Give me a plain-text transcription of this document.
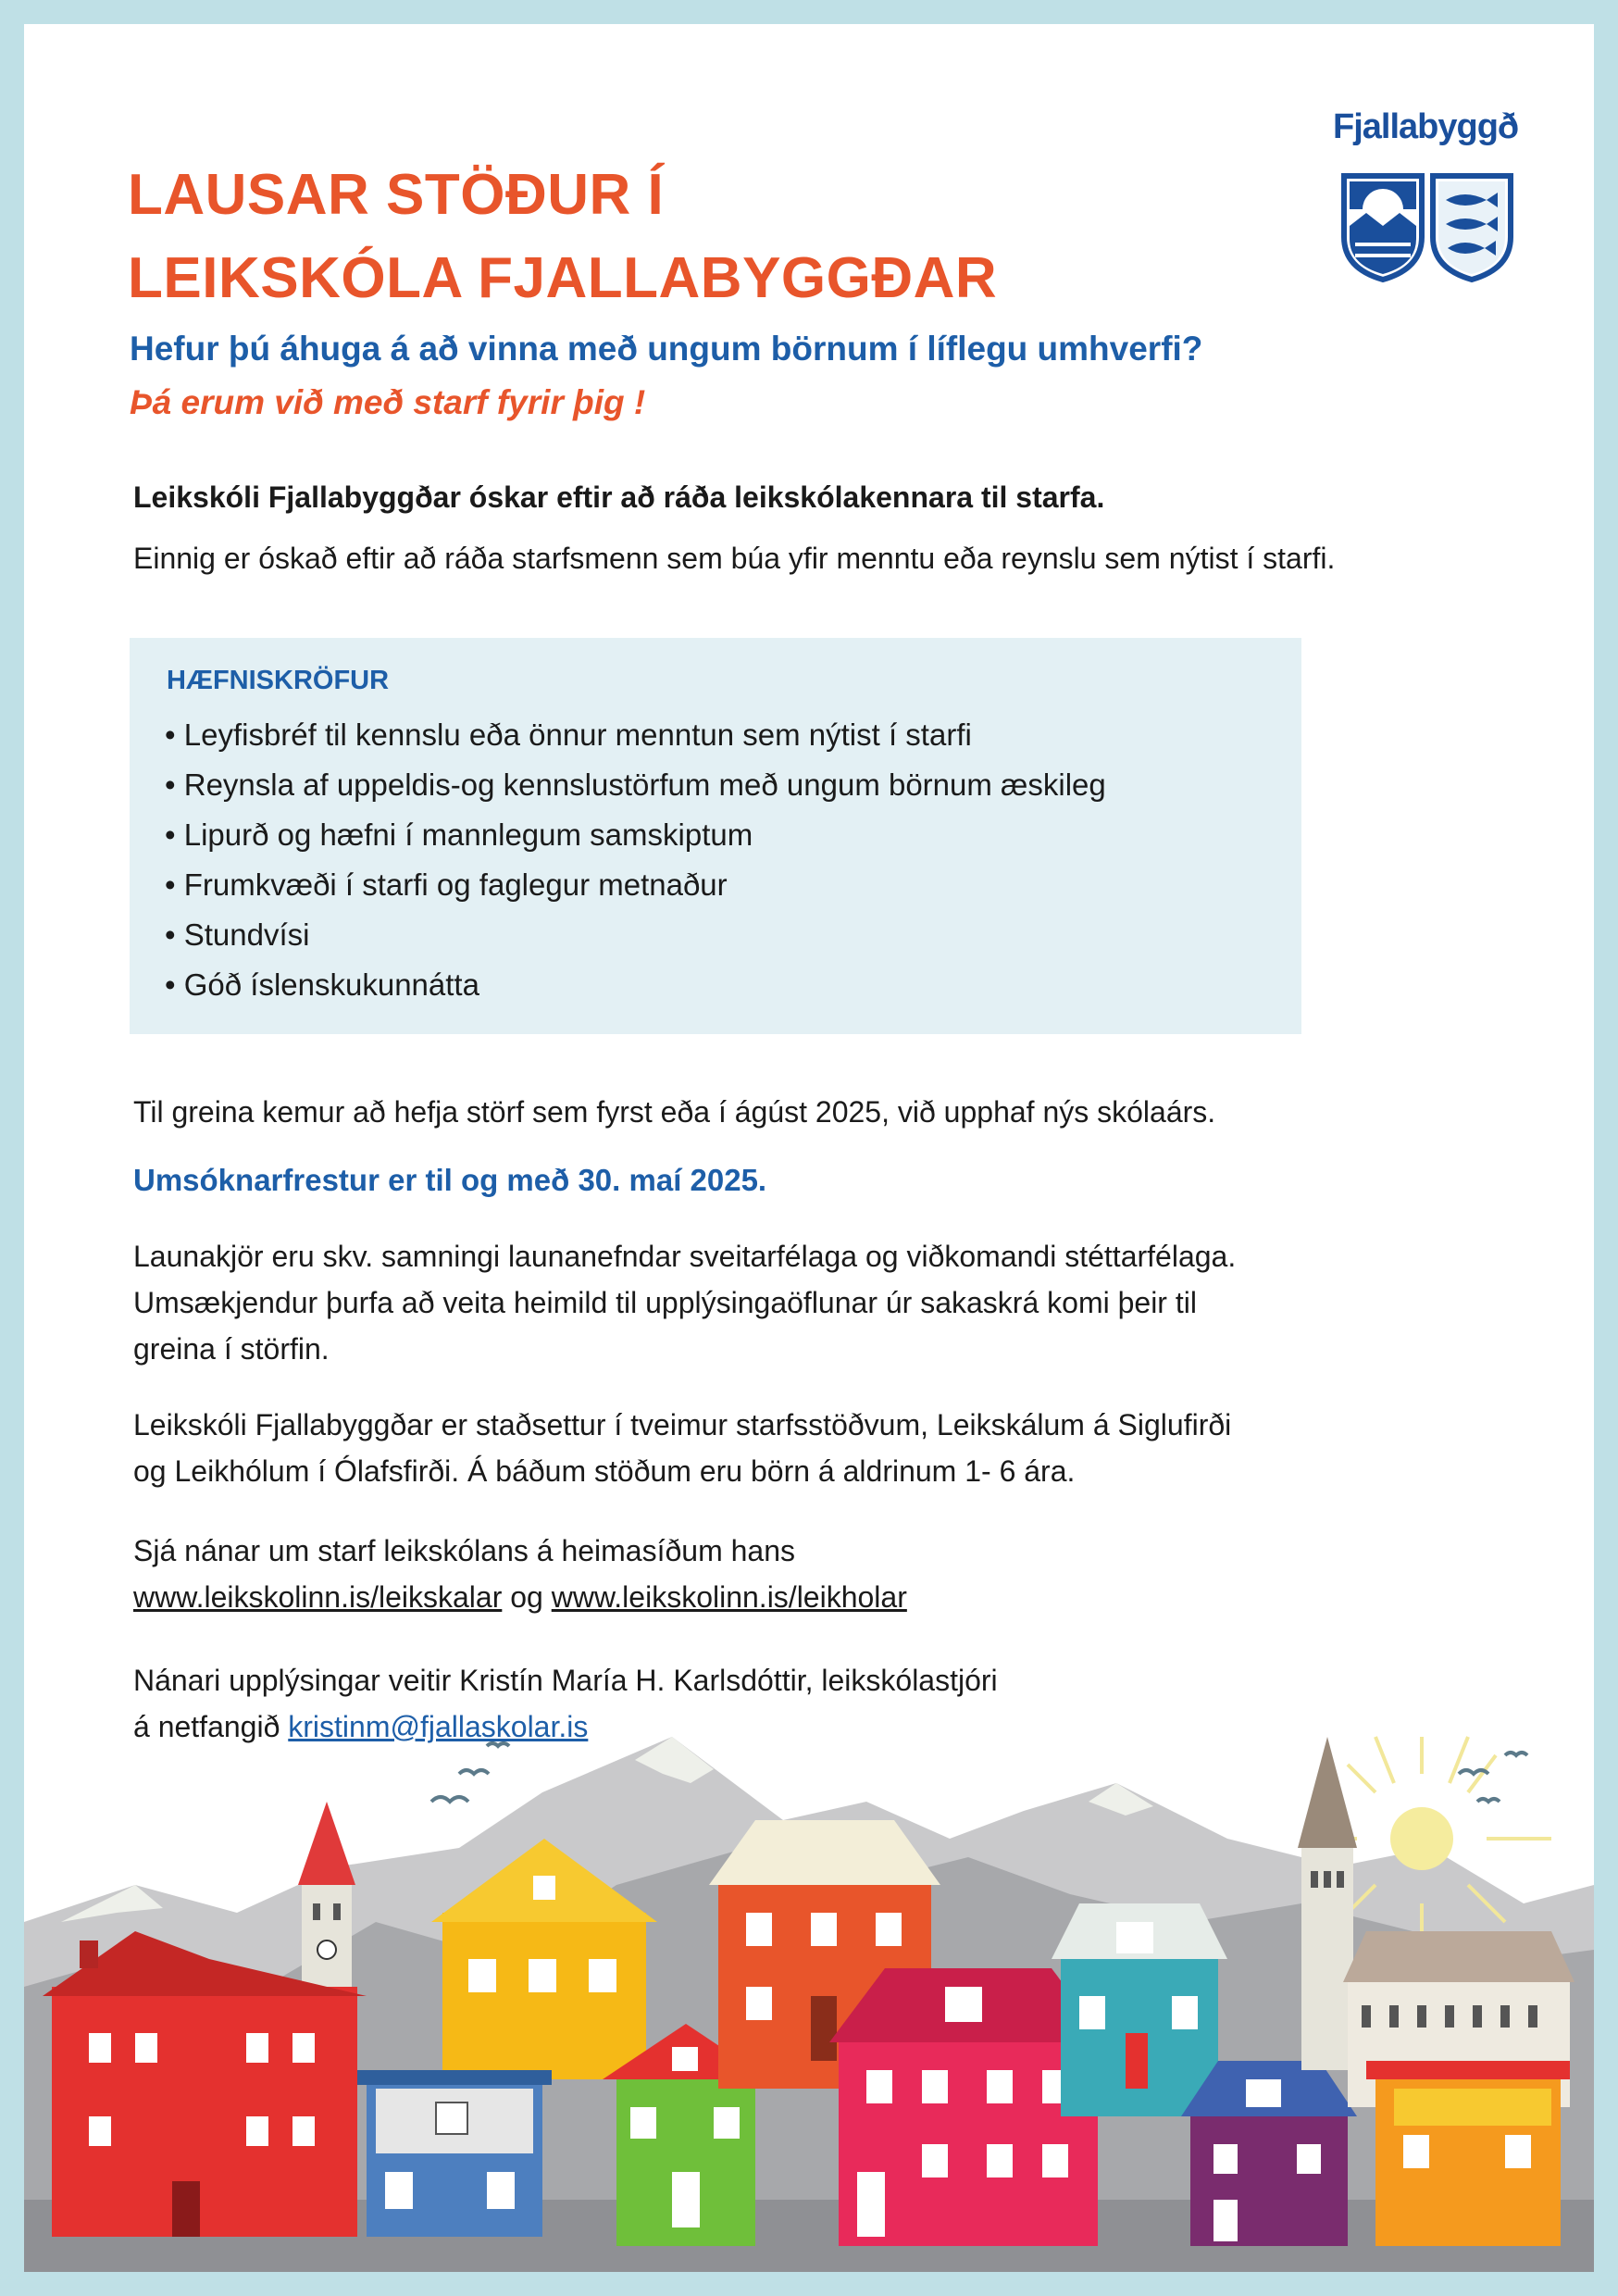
LAUSAR STÖÐUR Í
LEIKSKÓLA FJALLABYGGÐAR
Fjallabyggð

Hefur þú áhuga á að vinna með ungum börnum í líflegu umhverfi?

Þá erum við með starf fyrir þig !

Leikskóli Fjallabyggðar óskar eftir að ráða leikskólakennara til starfa.

Einnig er óskað eftir að ráða starfsmenn sem búa yfir menntu eða reynslu sem nýtist í starfi.

HÆFNISKRÖFUR
• Leyfisbréf til kennslu eða önnur menntun sem nýtist í starfi
• Reynsla af uppeldis-og kennslustörfum með ungum börnum æskileg
• Lipurð og hæfni í mannlegum samskiptum
• Frumkvæði í starfi og faglegur metnaður
• Stundvísi
• Góð íslenskukunnátta

Til greina kemur að hefja störf sem fyrst eða í ágúst 2025, við upphaf nýs skólaárs.

Umsóknarfrestur er til og með 30. maí 2025.

Launakjör eru skv. samningi launanefndar sveitarfélaga og viðkomandi stéttarfélaga.
Umsækjendur þurfa að veita heimild til upplýsingaöflunar úr sakaskrá komi þeir til
greina í störfin.
Leikskóli Fjallabyggðar er staðsettur í tveimur starfsstöðvum, Leikskálum á Siglufirði
og Leikhólum í Ólafsfirði. Á báðum stöðum eru börn á aldrinum 1- 6 ára.
Sjá nánar um starf leikskólans á heimasíðum hans
www.leikskolinn.is/leikskalar og www.leikskolinn.is/leikholar
Nánari upplýsingar veitir Kristín María H. Karlsdóttir, leikskólastjóri
á netfangið kristinm@fjallaskolar.is
